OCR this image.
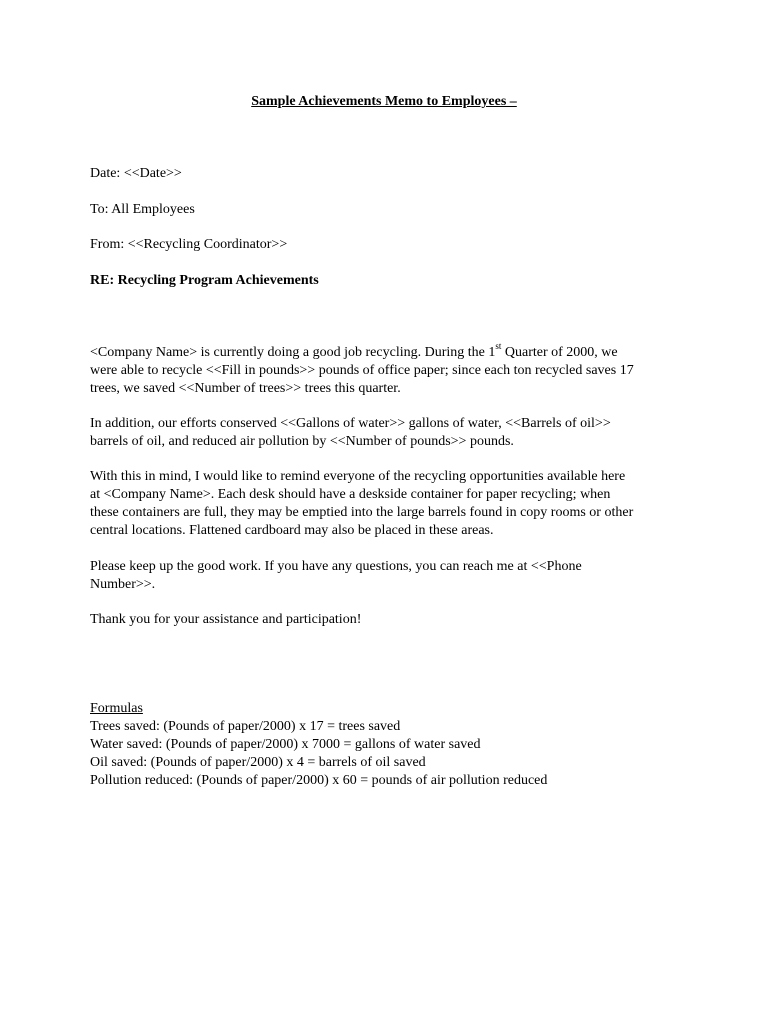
Sample Achievements Memo to Employees –

Date: <<Date>>

To: All Employees

From: <<Recycling Coordinator>>

RE: Recycling Program Achievements

<Company Name> is currently doing a good job recycling. During the 1st Quarter of 2000, we
were able to recycle <<Fill in pounds>> pounds of office paper; since each ton recycled saves 17
trees, we saved <<Number of trees>> trees this quarter.
In addition, our efforts conserved <<Gallons of water>> gallons of water, <<Barrels of oil>>
barrels of oil, and reduced air pollution by <<Number of pounds>> pounds.
With this in mind, I would like to remind everyone of the recycling opportunities available here
at <Company Name>. Each desk should have a deskside container for paper recycling; when
these containers are full, they may be emptied into the large barrels found in copy rooms or other
central locations. Flattened cardboard may also be placed in these areas.
Please keep up the good work. If you have any questions, you can reach me at <<Phone
Number>>.

Thank you for your assistance and participation!

Formulas
Trees saved: (Pounds of paper/2000) x 17 = trees saved
Water saved: (Pounds of paper/2000) x 7000 = gallons of water saved
Oil saved: (Pounds of paper/2000) x 4 = barrels of oil saved
Pollution reduced: (Pounds of paper/2000) x 60 = pounds of air pollution reduced
